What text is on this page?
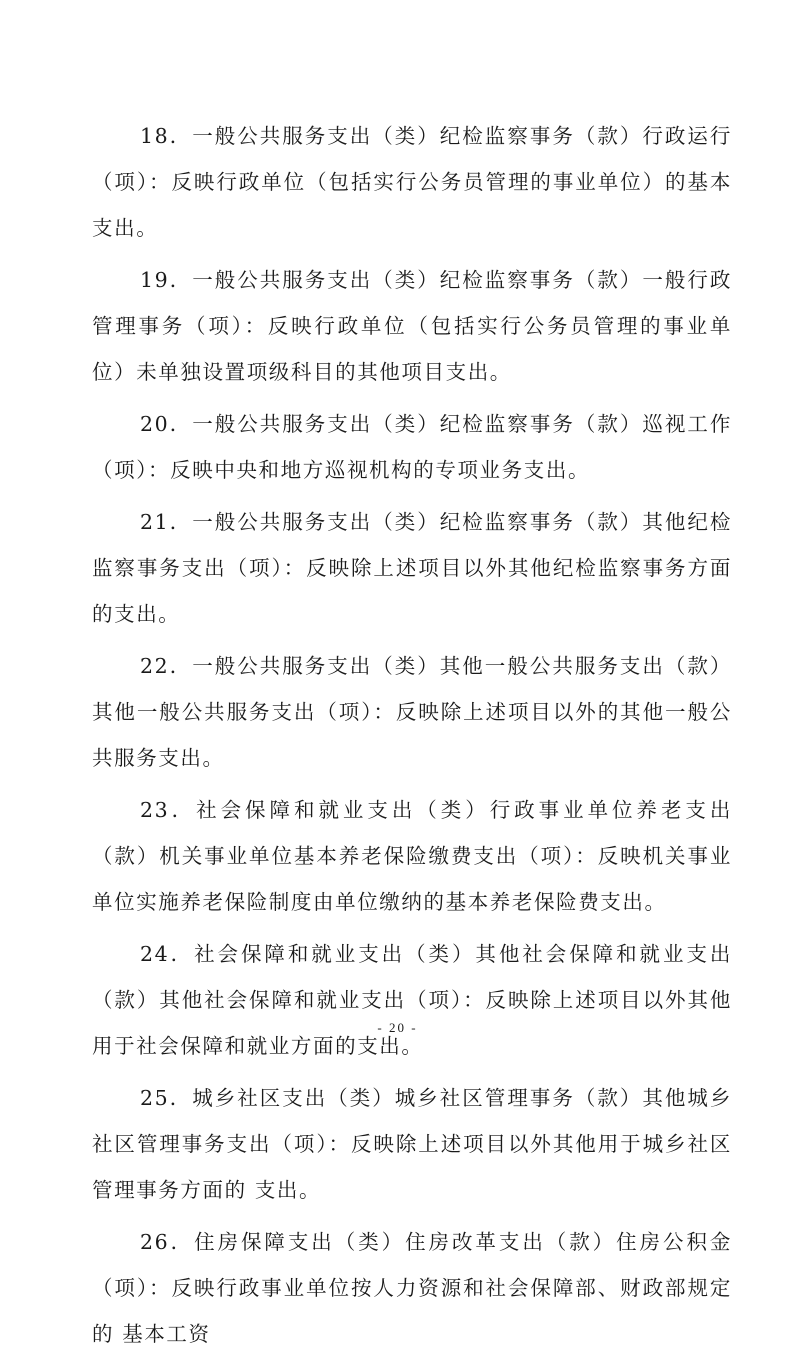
18．一般公共服务支出（类）纪检监察事务（款）行政运行（项）：反映行政单位（包括实行公务员管理的事业单位）的基本 支出。

19．一般公共服务支出（类）纪检监察事务（款）一般行政管理事务（项）：反映行政单位（包括实行公务员管理的事业单位）未单独设置项级科目的其他项目支出。

20．一般公共服务支出（类）纪检监察事务（款）巡视工作（项）：反映中央和地方巡视机构的专项业务支出。

21．一般公共服务支出（类）纪检监察事务（款）其他纪检监察事务支出（项）：反映除上述项目以外其他纪检监察事务方面的支出。

22．一般公共服务支出（类）其他一般公共服务支出（款）其他一般公共服务支出（项）：反映除上述项目以外的其他一般公共服务支出。

23．社会保障和就业支出（类）行政事业单位养老支出（款）机关事业单位基本养老保险缴费支出（项）：反映机关事业单位实施养老保险制度由单位缴纳的基本养老保险费支出。

24．社会保障和就业支出（类）其他社会保障和就业支出（款）其他社会保障和就业支出（项）：反映除上述项目以外其他用于社会保障和就业方面的支出。

25．城乡社区支出（类）城乡社区管理事务（款）其他城乡社区管理事务支出（项）：反映除上述项目以外其他用于城乡社区管理事务方面的 支出。

26．住房保障支出（类）住房改革支出（款）住房公积金（项）：反映行政事业单位按人力资源和社会保障部、财政部规定的 基本工资

- 20 -
